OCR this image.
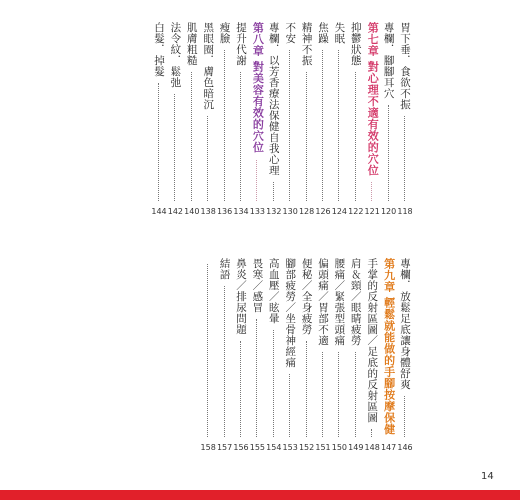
胃下垂．食欲不振
118
專欄．腳腳耳穴
120
第七章 對心理不適有效的穴位
121
抑鬱狀態
122
失眠
124
焦躁
126
精神不振
128
不安
130
專欄．以芳香療法保健自我心理
132
第八章 對美容有效的穴位
133
提升代謝
134
瘦臉
136
黑眼圈．膚色暗沉
138
肌膚粗糙
140
法令紋．鬆弛
142
白髮．掉髮
144
專欄．放鬆足底讓身體舒爽
146
第九章 輕鬆就能做的手腳按摩保健
147
手掌的反射區圖／足底的反射區圖
148
肩＆頸／眼睛疲勞
149
腰痛／緊張型頭痛
150
偏頭痛／胃部不適
151
便秘／全身疲勞
152
腳部疲勞／坐骨神經痛
153
高血壓／眩暈
154
畏寒／感冒
155
鼻炎／排尿問題
156
結語
157
158
14
